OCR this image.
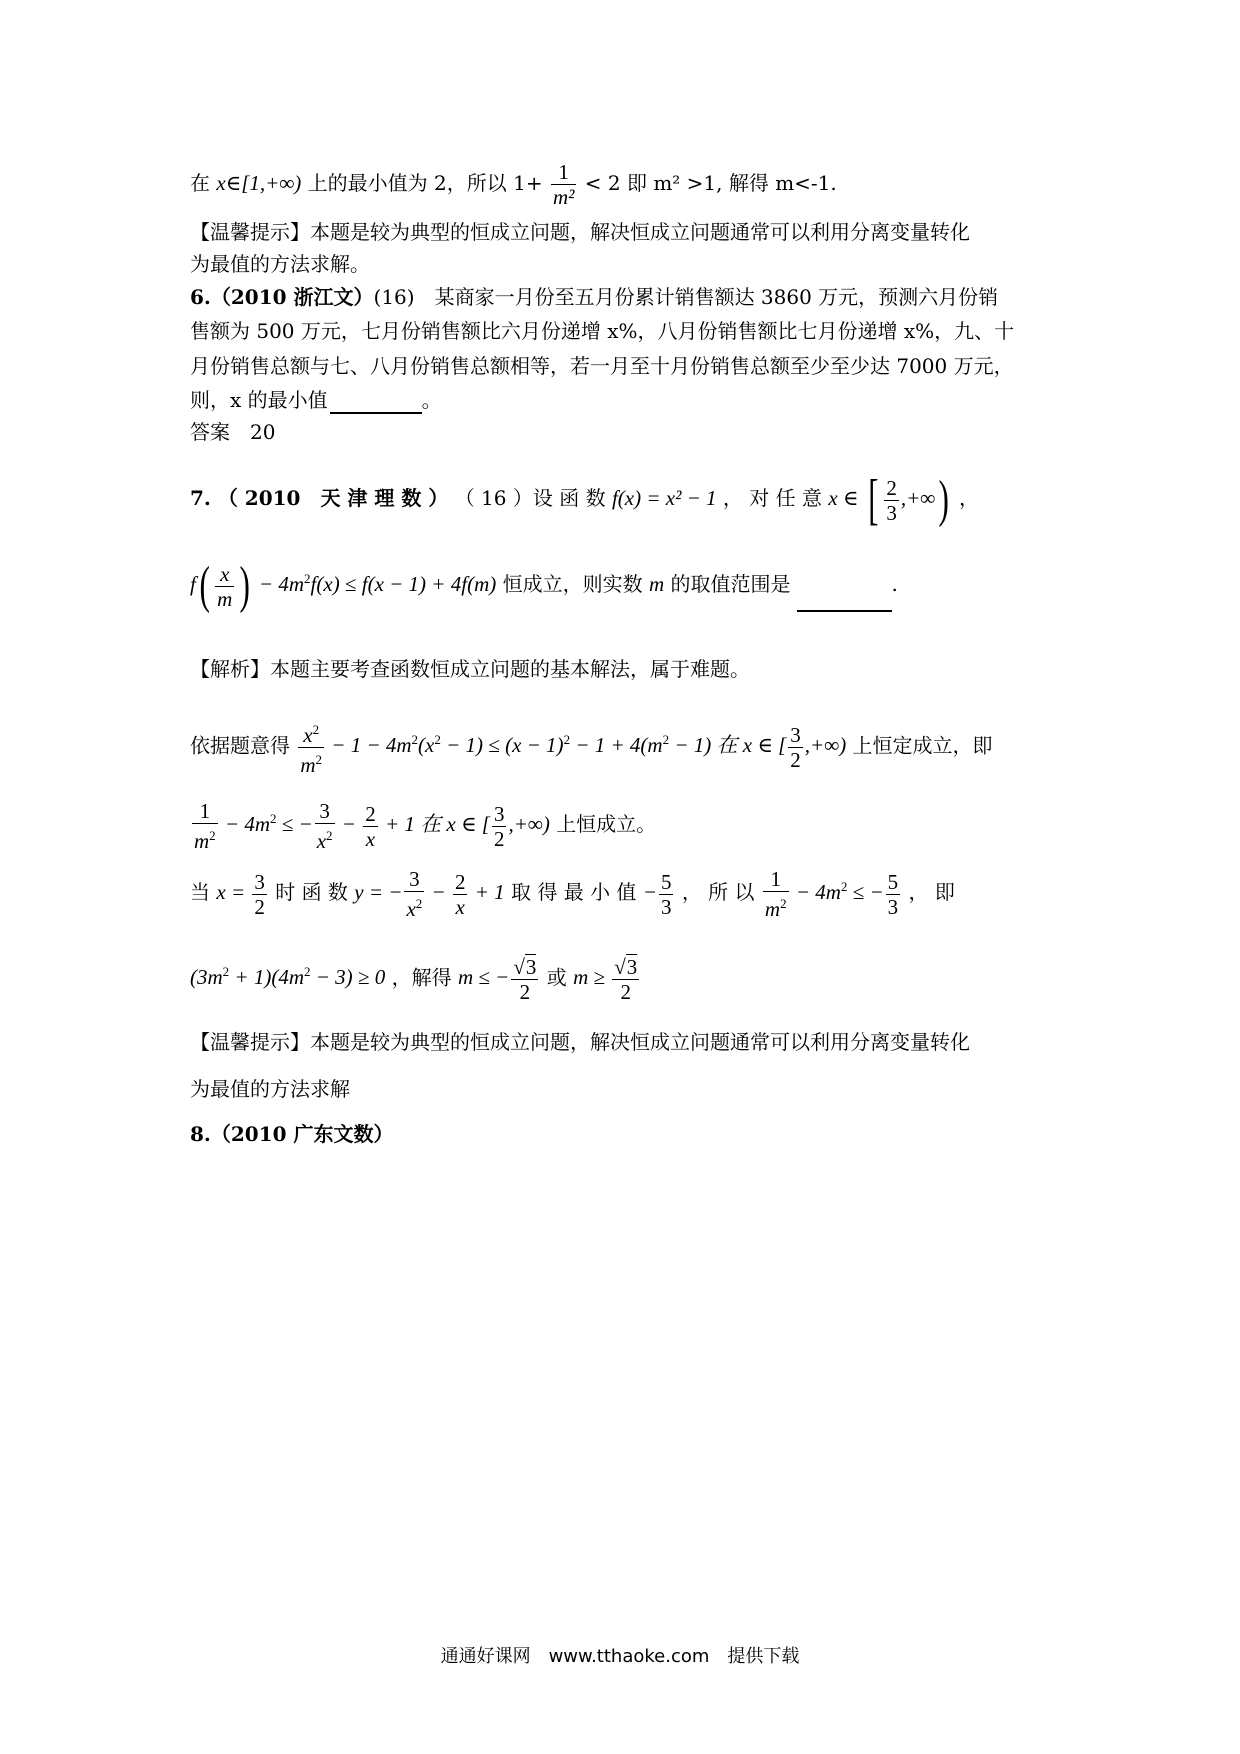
在 x∈[1,+∞) 上的最小值为 2，所以 $1+ \frac{1}{\text{m²}} < 2$ 即 m² >1, 解得 m<-1.
【温馨提示】本题是较为典型的恒成立问题，解决恒成立问题通常可以利用分离变量转化
为最值的方法求解。
6.（2010 浙江文）(16)　某商家一月份至五月份累计销售额达 3860 万元，预测六月份销
售额为 500 万元，七月份销售额比六月份递增 x%，八月份销售额比七月份递增 x%，九、十
月份销售总额与七、八月份销售总额相等，若一月至十月份销售总额至少至少达 7000 万元，
则，x 的最小值	。
答案　20
7. （ 2010　天 津 理 数 ） （ 16 ）设 函 数 f(x) = x² − 1 ， 对 任 意 x ∈ [ $\frac{2}{3}$ ,+∞) ，
$f( \frac{x}{m}$ ) − $4m^2f(x) \le f(x - 1) + 4f(m)$ 恒成立，则实数 m 的取值范围是	.
【解析】本题主要考查函数恒成立问题的基本解法，属于难题。
依据题意得 $\frac{x^2}{m^2} - 1 - 4m^2(x^2 - 1) \le (x - 1)^2 - 1 + 4(m^2 - 1)$ 在 x ∈ [ $\frac{3}{2}$ ,+∞) 上恒定成立，即
$\frac{1}{m^2} - 4m^2$ ≤ − $\frac{3}{x^2} - \frac{2}{x} + 1$ 在 x ∈ [ $\frac{3}{2}$ ,+∞) 上恒成立。
当 $x = \frac{3}{2}$ 时 函 数 y = − $\frac{3}{x^2} - \frac{2}{x} + 1$ 取 得 最 小 值 − $\frac{5}{3}$ ， 所 以 $\frac{1}{m^2} - 4m^2$ ≤ − $\frac{5}{3}$ ， 即
$(3m^2 + 1)(4m^2 - 3) \ge 0$ ，解得 m ≤ − $\frac{√3}{2}$ 或 $m \ge \frac{√3}{2}$
【温馨提示】本题是较为典型的恒成立问题，解决恒成立问题通常可以利用分离变量转化
为最值的方法求解
8.（2010 广东文数）
通通好课网　www.tthaoke.com　提供下载
